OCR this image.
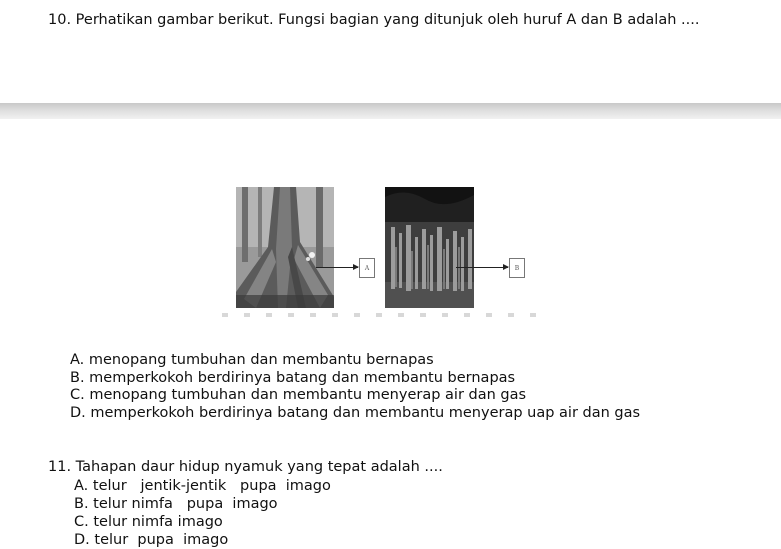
10. Perhatikan gambar berikut. Fungsi bagian yang ditunjuk oleh huruf A dan B adalah ....
A	B
A. menopang tumbuhan dan membantu bernapas
B. memperkokoh berdirinya batang dan membantu bernapas
C. menopang tumbuhan dan membantu menyerap air dan gas
D. memperkokoh berdirinya batang dan membantu menyerap uap air dan gas
11. Tahapan daur hidup nyamuk yang tepat adalah ....
A. telur   jentik-jentik   pupa  imago
B. telur nimfa   pupa  imago
C. telur nimfa imago
D. telur  pupa  imago
